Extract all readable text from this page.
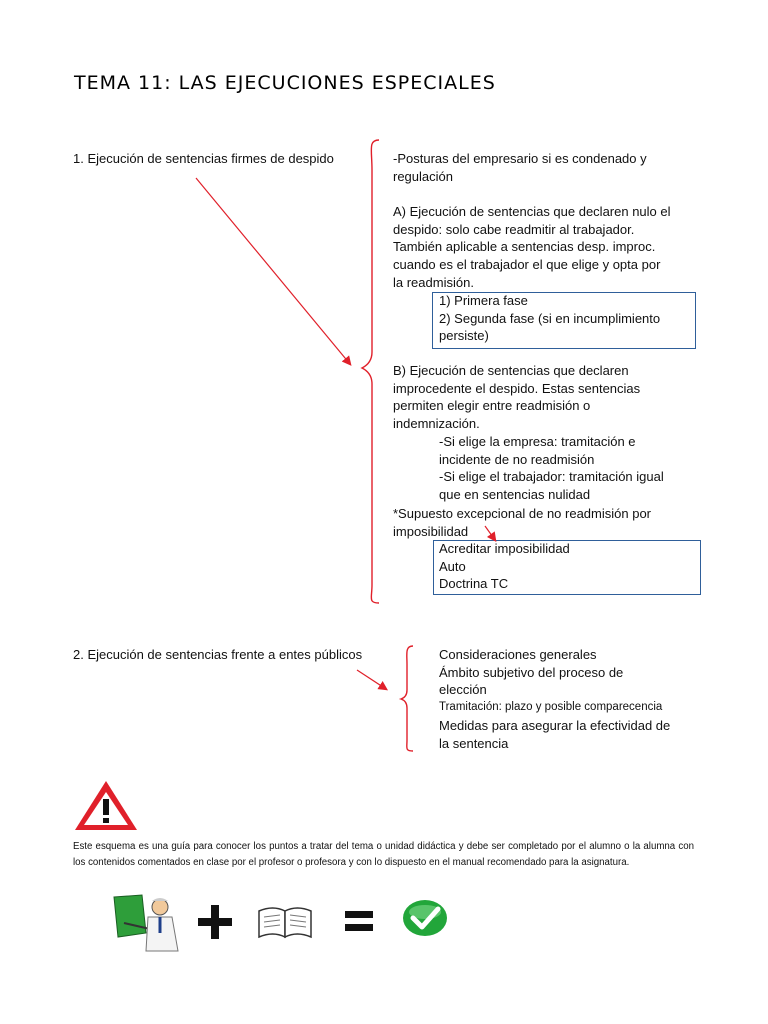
TEMA 11: LAS EJECUCIONES ESPECIALES
1. Ejecución de sentencias firmes de despido	-Posturas del empresario si es condenado y
regulación
A) Ejecución de sentencias que declaren nulo el
despido: solo cabe readmitir al trabajador.
También aplicable a sentencias desp. improc.
cuando es el trabajador el que elige y opta por
la readmisión.
1) Primera fase
2) Segunda fase (si en incumplimiento
persiste)
B) Ejecución de sentencias que declaren
improcedente el despido. Estas sentencias
permiten elegir entre readmisión o
indemnización.
-Si elige la empresa: tramitación e
incidente de no readmisión
-Si elige el trabajador: tramitación igual
que en sentencias nulidad
*Supuesto excepcional de no readmisión por
imposibilidad
Acreditar imposibilidad
Auto
Doctrina TC
2. Ejecución de sentencias frente a entes públicos	Consideraciones generales
Ámbito subjetivo del proceso de
elección
Tramitación: plazo y posible comparecencia
Medidas para asegurar la efectividad de
la sentencia
Este esquema es una guía para conocer los puntos a tratar del tema o unidad didáctica y debe ser completado por el alumno o la alumna con los contenidos comentados en clase por el profesor o profesora y con lo dispuesto en el manual recomendado para la asignatura.
